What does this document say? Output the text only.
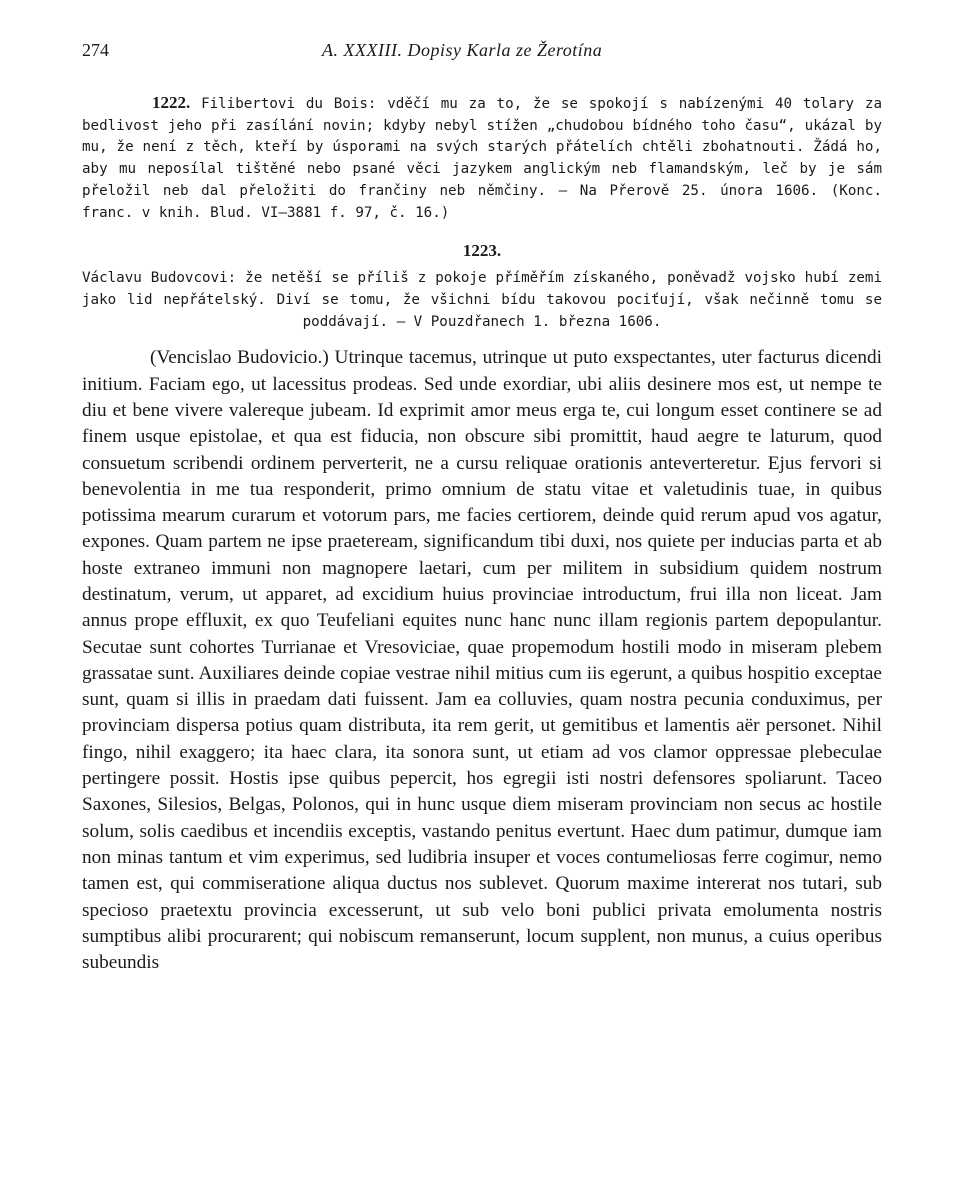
274	A. XXXIII. Dopisy Karla ze Žerotína

1222. Filibertovi du Bois: vděčí mu za to, že se spokojí s nabízenými 40 tolary za bedlivost jeho při zasílání novin; kdyby nebyl stížen „chudobou bídného toho času“, ukázal by mu, že není z těch, kteří by úsporami na svých starých přátelích chtěli zbohatnouti. Žádá ho, aby mu neposílal tištěné nebo psané věci jazykem anglickým neb flamandským, leč by je sám přeložil neb dal přeložiti do frančiny neb němčiny. — Na Přerově 25. února 1606. (Konc. franc. v knih. Blud. VI—3881 f. 97, č. 16.)

1223.

Václavu Budovcovi: že netěší se příliš z pokoje příměřím získaného, poněvadž vojsko hubí zemi jako lid nepřátelský. Diví se tomu, že všichni bídu takovou pociťují, však nečinně tomu se poddávají. — V Pouzdřanech 1. března 1606.

(Vencislao Budovicio.) Utrinque tacemus, utrinque ut puto exspectantes, uter facturus dicendi initium. Faciam ego, ut lacessitus prodeas. Sed unde exordiar, ubi aliis desinere mos est, ut nempe te diu et bene vivere valereque jubeam. Id exprimit amor meus erga te, cui longum esset continere se ad finem usque epistolae, et qua est fiducia, non obscure sibi promittit, haud aegre te laturum, quod consuetum scribendi ordinem perverterit, ne a cursu reliquae orationis anteverteretur. Ejus fervori si benevolentia in me tua responderit, primo omnium de statu vitae et valetudinis tuae, in quibus potissima mearum curarum et votorum pars, me facies certiorem, deinde quid rerum apud vos agatur, expones. Quam partem ne ipse praeteream, significandum tibi duxi, nos quiete per inducias parta et ab hoste extraneo immuni non magnopere laetari, cum per militem in subsidium quidem nostrum destinatum, verum, ut apparet, ad excidium huius provinciae introductum, frui illa non liceat. Jam annus prope effluxit, ex quo Teufeliani equites nunc hanc nunc illam regionis partem depopulantur. Secutae sunt cohortes Turrianae et Vresoviciae, quae propemodum hostili modo in miseram plebem grassatae sunt. Auxiliares deinde copiae vestrae nihil mitius cum iis egerunt, a quibus hospitio exceptae sunt, quam si illis in praedam dati fuissent. Jam ea colluvies, quam nostra pecunia conduximus, per provinciam dispersa potius quam distributa, ita rem gerit, ut gemitibus et lamentis aër personet. Nihil fingo, nihil exaggero; ita haec clara, ita sonora sunt, ut etiam ad vos clamor oppressae plebeculae pertingere possit. Hostis ipse quibus pepercit, hos egregii isti nostri defensores spoliarunt. Taceo Saxones, Silesios, Belgas, Polonos, qui in hunc usque diem miseram provinciam non secus ac hostile solum, solis caedibus et incendiis exceptis, vastando penitus evertunt. Haec dum patimur, dumque iam non minas tantum et vim experimus, sed ludibria insuper et voces contumeliosas ferre cogimur, nemo tamen est, qui commiseratione aliqua ductus nos sublevet. Quorum maxime intererat nos tutari, sub specioso praetextu provincia excesserunt, ut sub velo boni publici privata emolumenta nostris sumptibus alibi procurarent; qui nobiscum remanserunt, locum supplent, non munus, a cuius operibus subeundis
